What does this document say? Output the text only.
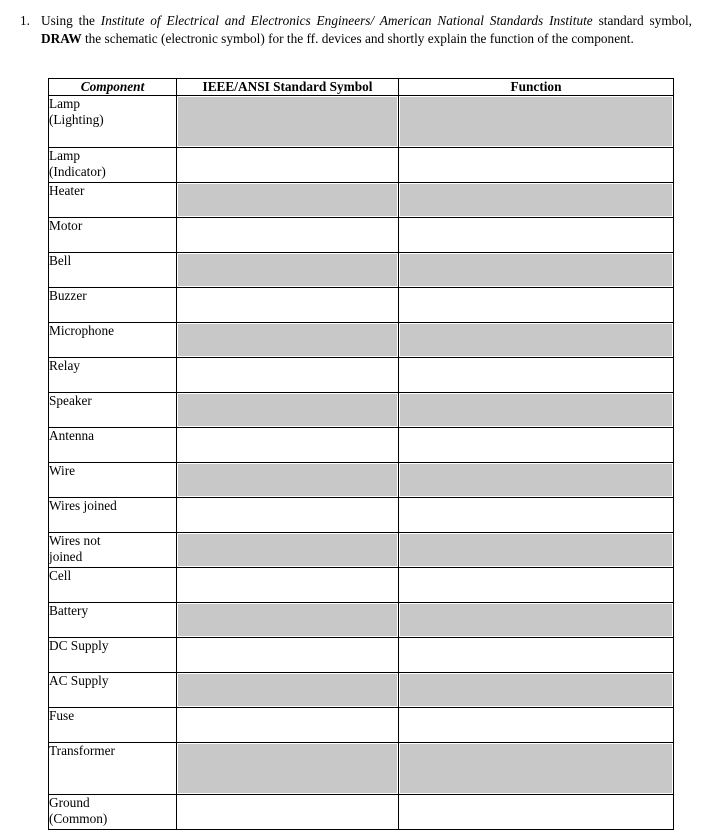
1. Using the Institute of Electrical and Electronics Engineers/ American National Standards Institute standard symbol, DRAW the schematic (electronic symbol) for the ff. devices and shortly explain the function of the component.
Component	IEEE/ANSI Standard Symbol	Function

Lamp
(Lighting)		

Lamp
(Indicator)		

Heater		

Motor		

Bell		

Buzzer		

Microphone		

Relay		

Speaker		

Antenna		

Wire		

Wires joined		

Wires not
joined		

Cell		

Battery		

DC Supply		

AC Supply		

Fuse		

Transformer		

Ground
(Common)		
